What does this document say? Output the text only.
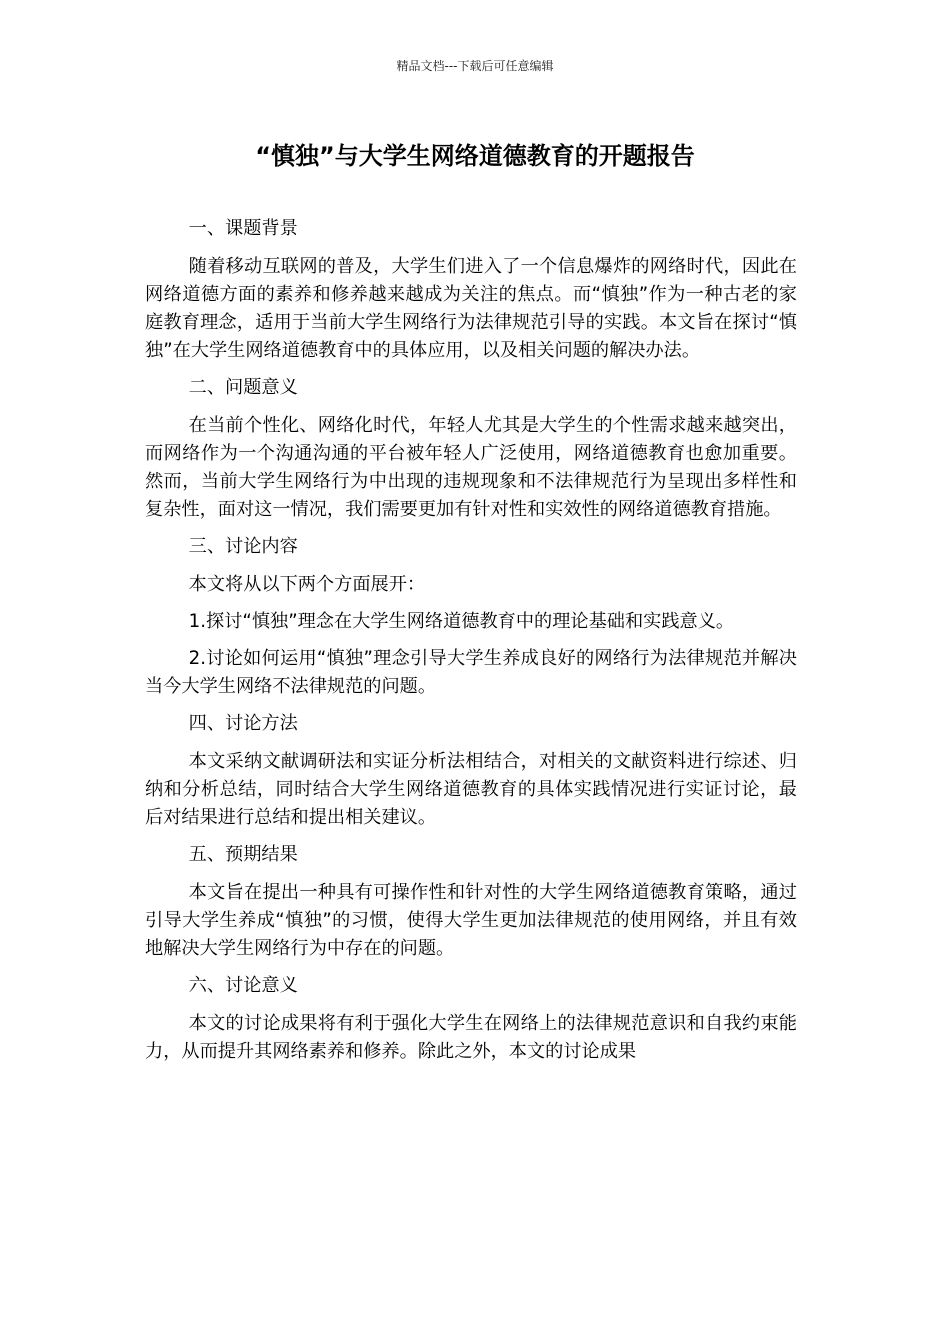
精品文档---下载后可任意编辑
“慎独”与大学生网络道德教育的开题报告

一、课题背景

随着移动互联网的普及，大学生们进入了一个信息爆炸的网络时代，因此在网络道德方面的素养和修养越来越成为关注的焦点。而“慎独”作为一种古老的家庭教育理念，适用于当前大学生网络行为法律规范引导的实践。本文旨在探讨“慎独”在大学生网络道德教育中的具体应用，以及相关问题的解决办法。

二、问题意义

在当前个性化、网络化时代，年轻人尤其是大学生的个性需求越来越突出，而网络作为一个沟通沟通的平台被年轻人广泛使用，网络道德教育也愈加重要。然而，当前大学生网络行为中出现的违规现象和不法律规范行为呈现出多样性和复杂性，面对这一情况，我们需要更加有针对性和实效性的网络道德教育措施。

三、讨论内容

本文将从以下两个方面展开：

1.探讨“慎独”理念在大学生网络道德教育中的理论基础和实践意义。

2.讨论如何运用“慎独”理念引导大学生养成良好的网络行为法律规范并解决当今大学生网络不法律规范的问题。

四、讨论方法

本文采纳文献调研法和实证分析法相结合，对相关的文献资料进行综述、归纳和分析总结，同时结合大学生网络道德教育的具体实践情况进行实证讨论，最后对结果进行总结和提出相关建议。

五、预期结果

本文旨在提出一种具有可操作性和针对性的大学生网络道德教育策略，通过引导大学生养成“慎独”的习惯，使得大学生更加法律规范的使用网络，并且有效地解决大学生网络行为中存在的问题。

六、讨论意义

本文的讨论成果将有利于强化大学生在网络上的法律规范意识和自我约束能力，从而提升其网络素养和修养。除此之外，本文的讨论成果
